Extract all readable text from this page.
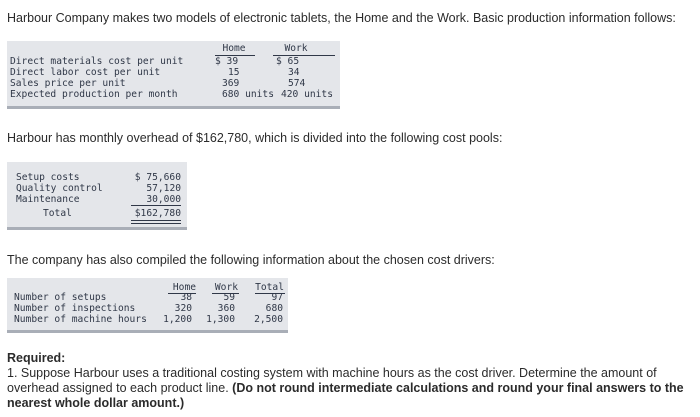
Harbour Company makes two models of electronic tablets, the Home and the Work. Basic production information follows:
Home	Work
Direct materials cost per unit	$ 39	$ 65
Direct labor cost per unit	15	34
Sales price per unit	369	574
Expected production per month	680 units 420 units
Harbour has monthly overhead of $162,780, which is divided into the following cost pools:
Setup costs	$ 75,660
Quality control	57,120
Maintenance	30,000
Total	$162,780
The company has also compiled the following information about the chosen cost drivers:
Home Work Total
Number of setups	38	59	97
Number of inspections	320	360	680
Number of machine hours 1,200 1,300 2,500
Required:
1. Suppose Harbour uses a traditional costing system with machine hours as the cost driver. Determine the amount of overhead assigned to each product line. (Do not round intermediate calculations and round your final answers to the nearest whole dollar amount.)
